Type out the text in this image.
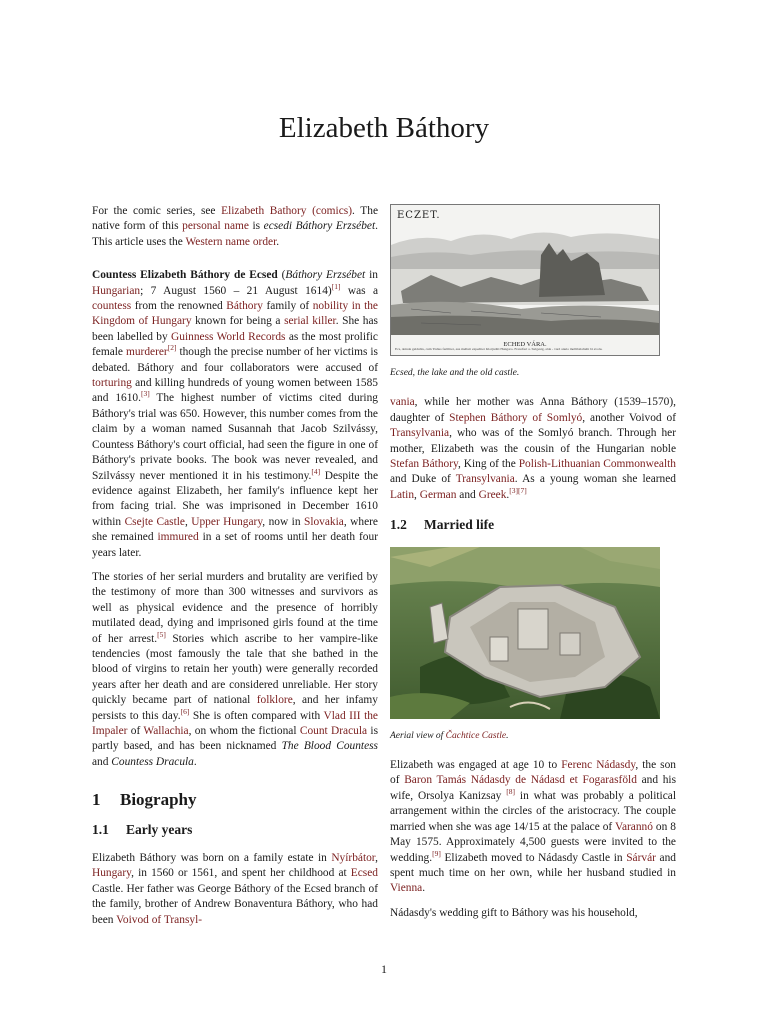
Elizabeth Báthory

For the comic series, see Elizabeth Bathory (comics). The native form of this personal name is ecsedi Báthory Erzsébet. This article uses the Western name order.

Countess Elizabeth Báthory de Ecsed (Báthory Erzsébet in Hungarian; 7 August 1560 – 21 August 1614)[1] was a countess from the renowned Báthory family of nobility in the Kingdom of Hungary known for being a serial killer. She has been labelled by Guinness World Records as the most prolific female murderer[2] though the precise number of her victims is debated. Báthory and four collaborators were accused of torturing and killing hundreds of young women between 1585 and 1610.[3] The highest number of victims cited during Báthory's trial was 650. However, this number comes from the claim by a woman named Susannah that Jacob Szilvássy, Countess Báthory's court official, had seen the figure in one of Báthory's private books. The book was never revealed, and Szilvássy never mentioned it in his testimony.[4] Despite the evidence against Elizabeth, her family's influence kept her from facing trial. She was imprisoned in December 1610 within Csejte Castle, Upper Hungary, now in Slovakia, where she remained immured in a set of rooms until her death four years later.

The stories of her serial murders and brutality are verified by the testimony of more than 300 witnesses and survivors as well as physical evidence and the presence of horribly mutilated dead, dying and imprisoned girls found at the time of her arrest.[5] Stories which ascribe to her vampire-like tendencies (most famously the tale that she bathed in the blood of virgins to retain her youth) were generally recorded years after her death and are considered unreliable. Her story quickly became part of national folklore, and her infamy persists to this day.[6] She is often compared with Vlad III the Impaler of Wallachia, on whom the fictional Count Dracula is partly based, and has been nicknamed The Blood Countess and Countess Dracula.

1 Biography
1.1 Early years

Elizabeth Báthory was born on a family estate in Nyírbátor, Hungary, in 1560 or 1561, and spent her childhood at Ecsed Castle. Her father was George Báthory of the Ecsed branch of the family, brother of Andrew Bonaventura Báthory, who had been Voivod of Transyl-

ECZET.
ECHED VÁRA.
Ecs, deinde geldubis, cum Tisbus fertiliter, aus melluit expediter Klotjnditi Hungaro. Francfurt a. Sulgestg, alde - vard anulo mellibalabulit bi evolu.
Ecsed, the lake and the old castle.

vania, while her mother was Anna Báthory (1539–1570), daughter of Stephen Báthory of Somlyó, another Voivod of Transylvania, who was of the Somlyó branch. Through her mother, Elizabeth was the cousin of the Hungarian noble Stefan Báthory, King of the Polish-Lithuanian Commonwealth and Duke of Transylvania. As a young woman she learned Latin, German and Greek.[3][7]

1.2 Married life
Aerial view of Čachtice Castle.

Elizabeth was engaged at age 10 to Ferenc Nádasdy, the son of Baron Tamás Nádasdy de Nádasd et Fogarasföld and his wife, Orsolya Kanizsay [8] in what was probably a political arrangement within the circles of the aristocracy. The couple married when she was age 14/15 at the palace of Varannó on 8 May 1575. Approximately 4,500 guests were invited to the wedding.[9] Elizabeth moved to Nádasdy Castle in Sárvár and spent much time on her own, while her husband studied in Vienna.

Nádasdy's wedding gift to Báthory was his household,

1
